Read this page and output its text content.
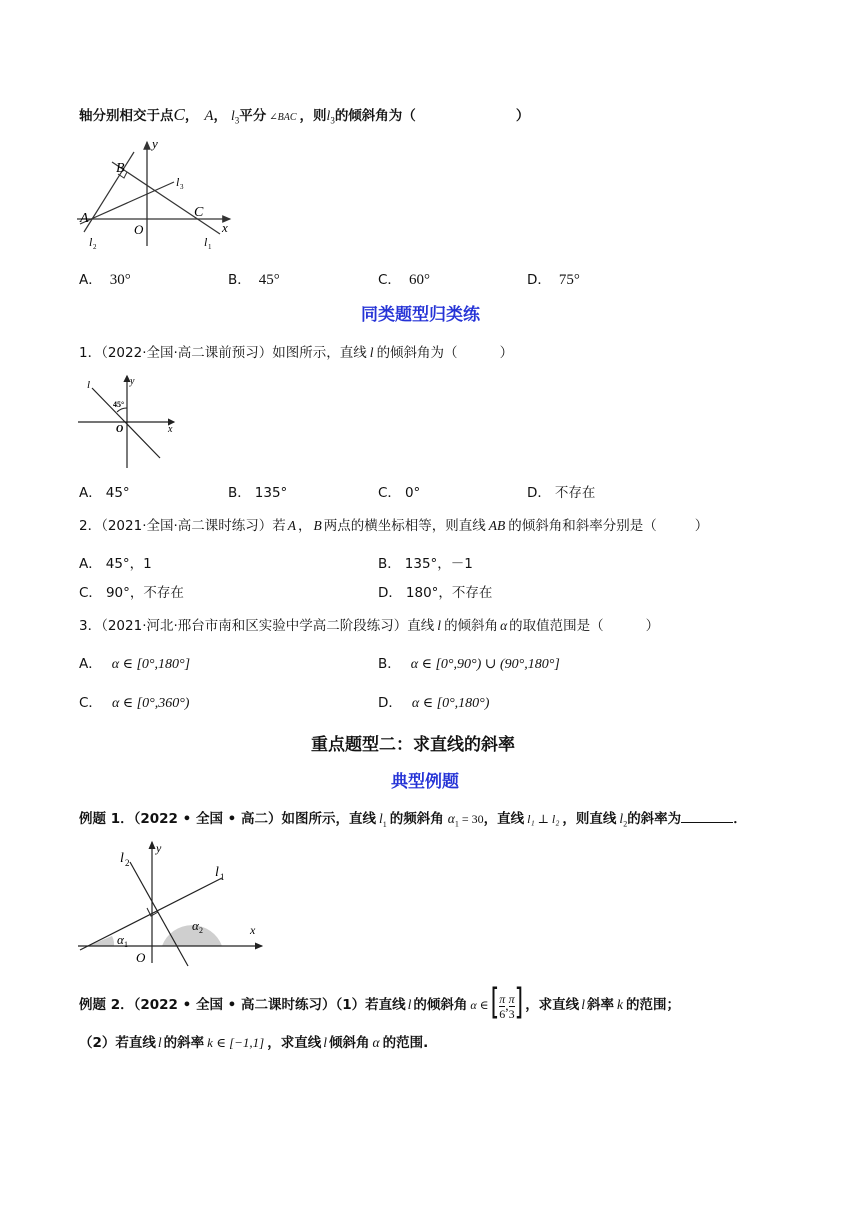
轴分别相交于点C， A， $l_3$平分 ∠BAC ，则$l_3$的倾斜角为（	）
y
B
l 3
A	C
x
O
l 2	l 1
A． 30°	B． 45°	C． 60°	D． 75°
同类题型归类练
1．（2022·全国·高二课前预习）如图所示，直线 l 的倾斜角为（	）
l	y
45°
O	x
A． 45°	B． 135°	C． 0°	D． 不存在
2．（2021·全国·高二课时练习）若 A ， B 两点的横坐标相等，则直线 AB 的倾斜角和斜率分别是（	）
A． 45°，1	B． 135°，－1
C． 90°，不存在	D． 180°，不存在
3．（2021·河北·邢台市南和区实验中学高二阶段练习）直线 l 的倾斜角 α 的取值范围是（	）
A． α ∈ [0°,180°]	B． α ∈ [0°,90°) ∪ (90°,180°]
C． α ∈ [0°,360°)	D． α ∈ [0°,180°)
重点题型二：求直线的斜率
典型例题
例题 1．（2022 • 全国 • 高二）如图所示，直线 $l_1$ 的频斜角 $\alpha_1 = 30$，直线 l₁ ⊥ l₂ ，则直线 $l_2$的斜率为	．
l 2
y
l 1
α 1
α 2	x
O
例题 2．（2022 • 全国 • 高二课时练习）（1）若直线 l 的倾斜角 α ∈[ $\frac{\pi}{6}$ , $\frac{\pi}{3}$ ] ，求直线 l 斜率 k 的范围；
（2）若直线 l 的斜率 k ∈ [−1,1] ，求直线 l 倾斜角 α 的范围.
